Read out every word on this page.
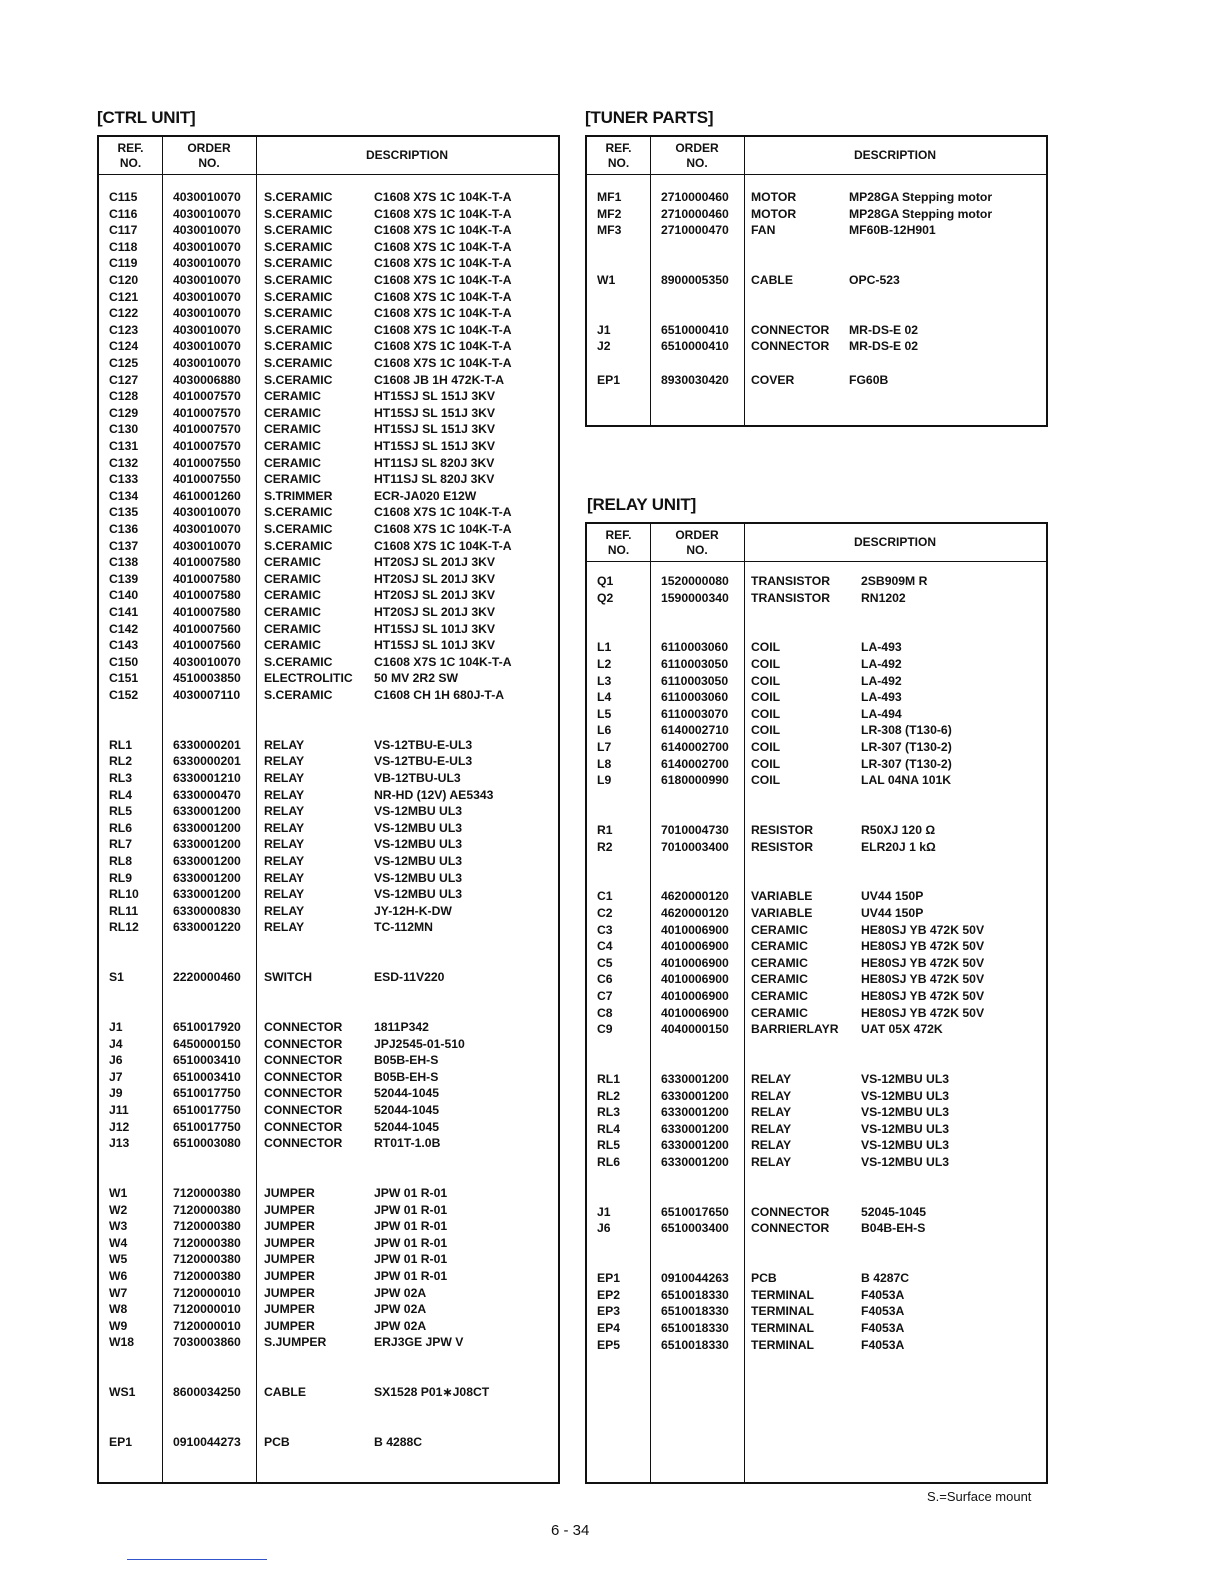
[CTRL UNIT]
REF.
NO.
ORDER
NO.
DESCRIPTION
C115	4030010070 S.CERAMIC	C1608 X7S 1C 104K-T-A
C116	4030010070 S.CERAMIC	C1608 X7S 1C 104K-T-A
C117	4030010070 S.CERAMIC	C1608 X7S 1C 104K-T-A
C118	4030010070 S.CERAMIC	C1608 X7S 1C 104K-T-A
C119	4030010070 S.CERAMIC	C1608 X7S 1C 104K-T-A
C120	4030010070 S.CERAMIC	C1608 X7S 1C 104K-T-A
C121	4030010070 S.CERAMIC	C1608 X7S 1C 104K-T-A
C122	4030010070 S.CERAMIC	C1608 X7S 1C 104K-T-A
C123	4030010070 S.CERAMIC	C1608 X7S 1C 104K-T-A
C124	4030010070 S.CERAMIC	C1608 X7S 1C 104K-T-A
C125	4030010070 S.CERAMIC	C1608 X7S 1C 104K-T-A
C127	4030006880 S.CERAMIC	C1608 JB 1H 472K-T-A
C128	4010007570 CERAMIC	HT15SJ SL 151J 3KV
C129	4010007570 CERAMIC	HT15SJ SL 151J 3KV
C130	4010007570 CERAMIC	HT15SJ SL 151J 3KV
C131	4010007570 CERAMIC	HT15SJ SL 151J 3KV
C132	4010007550 CERAMIC	HT11SJ SL 820J 3KV
C133	4010007550 CERAMIC	HT11SJ SL 820J 3KV
C134	4610001260 S.TRIMMER	ECR-JA020 E12W
C135	4030010070 S.CERAMIC	C1608 X7S 1C 104K-T-A
C136	4030010070 S.CERAMIC	C1608 X7S 1C 104K-T-A
C137	4030010070 S.CERAMIC	C1608 X7S 1C 104K-T-A
C138	4010007580 CERAMIC	HT20SJ SL 201J 3KV
C139	4010007580 CERAMIC	HT20SJ SL 201J 3KV
C140	4010007580 CERAMIC	HT20SJ SL 201J 3KV
C141	4010007580 CERAMIC	HT20SJ SL 201J 3KV
C142	4010007560 CERAMIC	HT15SJ SL 101J 3KV
C143	4010007560 CERAMIC	HT15SJ SL 101J 3KV
C150	4030010070 S.CERAMIC	C1608 X7S 1C 104K-T-A
C151	4510003850 ELECTROLITIC 50 MV 2R2 SW
C152	4030007110 S.CERAMIC	C1608 CH 1H 680J-T-A
RL1	6330000201 RELAY	VS-12TBU-E-UL3
RL2	6330000201 RELAY	VS-12TBU-E-UL3
RL3	6330001210 RELAY	VB-12TBU-UL3
RL4	6330000470 RELAY	NR-HD (12V) AE5343
RL5	6330001200 RELAY	VS-12MBU UL3
RL6	6330001200 RELAY	VS-12MBU UL3
RL7	6330001200 RELAY	VS-12MBU UL3
RL8	6330001200 RELAY	VS-12MBU UL3
RL9	6330001200 RELAY	VS-12MBU UL3
RL10	6330001200 RELAY	VS-12MBU UL3
RL11	6330000830 RELAY	JY-12H-K-DW
RL12	6330001220 RELAY	TC-112MN
S1	2220000460 SWITCH	ESD-11V220
J1	6510017920 CONNECTOR	1811P342
J4	6450000150 CONNECTOR	JPJ2545-01-510
J6	6510003410 CONNECTOR	B05B-EH-S
J7	6510003410 CONNECTOR	B05B-EH-S
J9	6510017750 CONNECTOR	52044-1045
J11	6510017750 CONNECTOR	52044-1045
J12	6510017750 CONNECTOR	52044-1045
J13	6510003080 CONNECTOR	RT01T-1.0B
W1	7120000380 JUMPER	JPW 01 R-01
W2	7120000380 JUMPER	JPW 01 R-01
W3	7120000380 JUMPER	JPW 01 R-01
W4	7120000380 JUMPER	JPW 01 R-01
W5	7120000380 JUMPER	JPW 01 R-01
W6	7120000380 JUMPER	JPW 01 R-01
W7	7120000010 JUMPER	JPW 02A
W8	7120000010 JUMPER	JPW 02A
W9	7120000010 JUMPER	JPW 02A
W18	7030003860 S.JUMPER	ERJ3GE JPW V
WS1	8600034250 CABLE	SX1528 P01∗J08CT
EP1	0910044273 PCB	B 4288C
[TUNER PARTS]
REF.
NO.
ORDER
NO.
DESCRIPTION
MF1	2710000460 MOTOR	MP28GA Stepping motor
MF2	2710000460 MOTOR	MP28GA Stepping motor
MF3	2710000470 FAN	MF60B-12H901
W1	8900005350 CABLE	OPC-523
J1	6510000410 CONNECTOR MR-DS-E 02
J2	6510000410 CONNECTOR MR-DS-E 02
EP1	8930030420 COVER	FG60B
[RELAY UNIT]
REF.
NO.
ORDER
NO.
DESCRIPTION
Q1	1520000080 TRANSISTOR	2SB909M R
Q2	1590000340 TRANSISTOR	RN1202
L1	6110003060 COIL	LA-493
L2	6110003050 COIL	LA-492
L3	6110003050 COIL	LA-492
L4	6110003060 COIL	LA-493
L5	6110003070 COIL	LA-494
L6	6140002710 COIL	LR-308 (T130-6)
L7	6140002700 COIL	LR-307 (T130-2)
L8	6140002700 COIL	LR-307 (T130-2)
L9	6180000990 COIL	LAL 04NA 101K
R1	7010004730 RESISTOR	R50XJ 120 Ω
R2	7010003400 RESISTOR	ELR20J 1 kΩ
C1	4620000120 VARIABLE	UV44 150P
C2	4620000120 VARIABLE	UV44 150P
C3	4010006900 CERAMIC	HE80SJ YB 472K 50V
C4	4010006900 CERAMIC	HE80SJ YB 472K 50V
C5	4010006900 CERAMIC	HE80SJ YB 472K 50V
C6	4010006900 CERAMIC	HE80SJ YB 472K 50V
C7	4010006900 CERAMIC	HE80SJ YB 472K 50V
C8	4010006900 CERAMIC	HE80SJ YB 472K 50V
C9	4040000150 BARRIERLAYR UAT 05X 472K
RL1	6330001200 RELAY	VS-12MBU UL3
RL2	6330001200 RELAY	VS-12MBU UL3
RL3	6330001200 RELAY	VS-12MBU UL3
RL4	6330001200 RELAY	VS-12MBU UL3
RL5	6330001200 RELAY	VS-12MBU UL3
RL6	6330001200 RELAY	VS-12MBU UL3
J1	6510017650 CONNECTOR	52045-1045
J6	6510003400 CONNECTOR	B04B-EH-S
EP1	0910044263 PCB	B 4287C
EP2	6510018330 TERMINAL	F4053A
EP3	6510018330 TERMINAL	F4053A
EP4	6510018330 TERMINAL	F4053A
EP5	6510018330 TERMINAL	F4053A
S.=Surface mount
6 - 34
